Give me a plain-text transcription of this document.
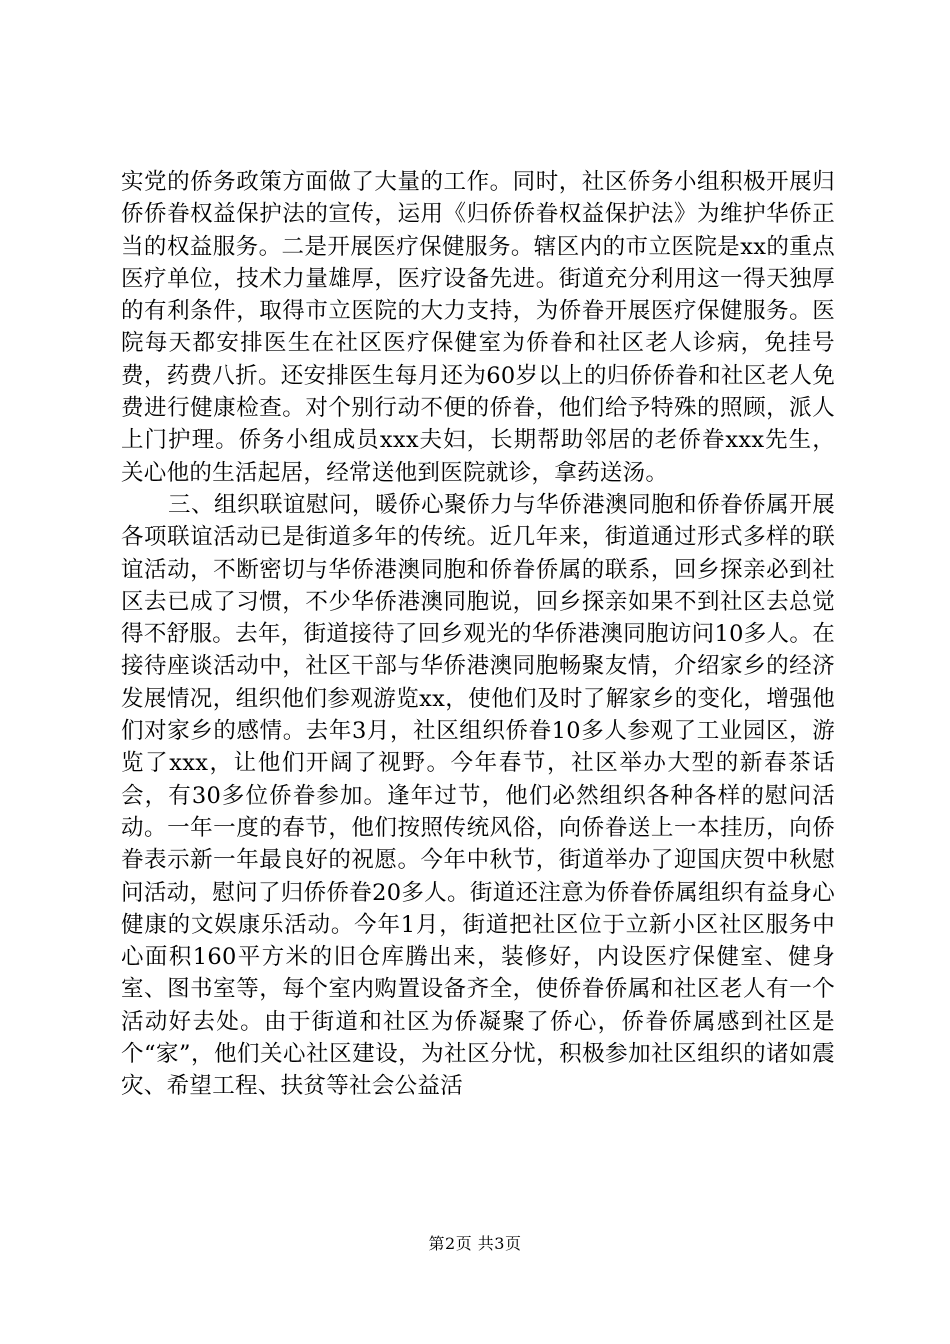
实党的侨务政策方面做了大量的工作。同时，社区侨务小组积极开展归侨侨眷权益保护法的宣传，运用《归侨侨眷权益保护法》为维护华侨正当的权益服务。二是开展医疗保健服务。辖区内的市立医院是xx的重点医疗单位，技术力量雄厚，医疗设备先进。街道充分利用这一得天独厚的有利条件，取得市立医院的大力支持，为侨眷开展医疗保健服务。医院每天都安排医生在社区医疗保健室为侨眷和社区老人诊病，免挂号费，药费八折。还安排医生每月还为60岁以上的归侨侨眷和社区老人免费进行健康检查。对个别行动不便的侨眷，他们给予特殊的照顾，派人上门护理。侨务小组成员xxx夫妇，长期帮助邻居的老侨眷xxx先生，关心他的生活起居，经常送他到医院就诊，拿药送汤。

三、组织联谊慰问，暖侨心聚侨力与华侨港澳同胞和侨眷侨属开展各项联谊活动已是街道多年的传统。近几年来，街道通过形式多样的联谊活动，不断密切与华侨港澳同胞和侨眷侨属的联系，回乡探亲必到社区去已成了习惯，不少华侨港澳同胞说，回乡探亲如果不到社区去总觉得不舒服。去年，街道接待了回乡观光的华侨港澳同胞访问10多人。在接待座谈活动中，社区干部与华侨港澳同胞畅聚友情，介绍家乡的经济发展情况，组织他们参观游览xx，使他们及时了解家乡的变化，增强他们对家乡的感情。去年3月，社区组织侨眷10多人参观了工业园区，游览了xxx，让他们开阔了视野。今年春节，社区举办大型的新春茶话会，有30多位侨眷参加。逢年过节，他们必然组织各种各样的慰问活动。一年一度的春节，他们按照传统风俗，向侨眷送上一本挂历，向侨眷表示新一年最良好的祝愿。今年中秋节，街道举办了迎国庆贺中秋慰问活动，慰问了归侨侨眷20多人。街道还注意为侨眷侨属组织有益身心健康的文娱康乐活动。今年1月，街道把社区位于立新小区社区服务中心面积160平方米的旧仓库腾出来，装修好，内设医疗保健室、健身室、图书室等，每个室内购置设备齐全，使侨眷侨属和社区老人有一个活动好去处。由于街道和社区为侨凝聚了侨心，侨眷侨属感到社区是个“家”，他们关心社区建设，为社区分忧，积极参加社区组织的诸如震灾、希望工程、扶贫等社会公益活

第2页 共3页
